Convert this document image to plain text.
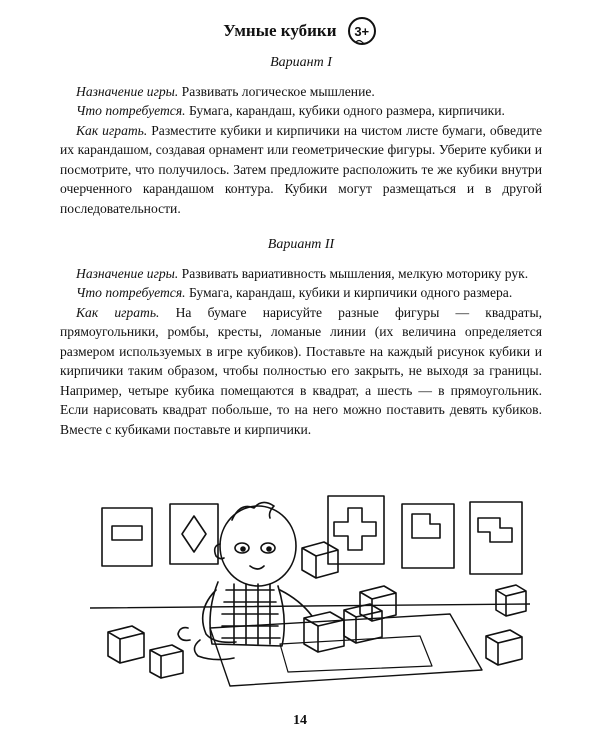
Умные кубики	3+
Вариант I

Назначение игры. Развивать логическое мышление.

Что потребуется. Бумага, карандаш, кубики одного размера, кирпичики.

Как играть. Разместите кубики и кирпичики на чистом листе бумаги, обведите их карандашом, создавая орнамент или геометрические фигуры. Уберите кубики и посмотрите, что получилось. Затем предложите расположить те же кубики внутри очерченного карандашом контура. Кубики могут размещаться и в другой последовательности.

Вариант II

Назначение игры. Развивать вариативность мышления, мелкую моторику рук.

Что потребуется. Бумага, карандаш, кубики и кирпичики одного размера.

Как играть. На бумаге нарисуйте разные фигуры — квадраты, прямоугольники, ромбы, кресты, ломаные линии (их величина определяется размером используемых в игре кубиков). Поставьте на каждый рисунок кубики и кирпичики таким образом, чтобы полностью его закрыть, не выходя за границы. Например, четыре кубика помещаются в квадрат, а шесть — в прямоугольник. Если нарисовать квадрат побольше, то на него можно поставить девять кубиков. Вместе с кубиками поставьте и кирпичики.

14
